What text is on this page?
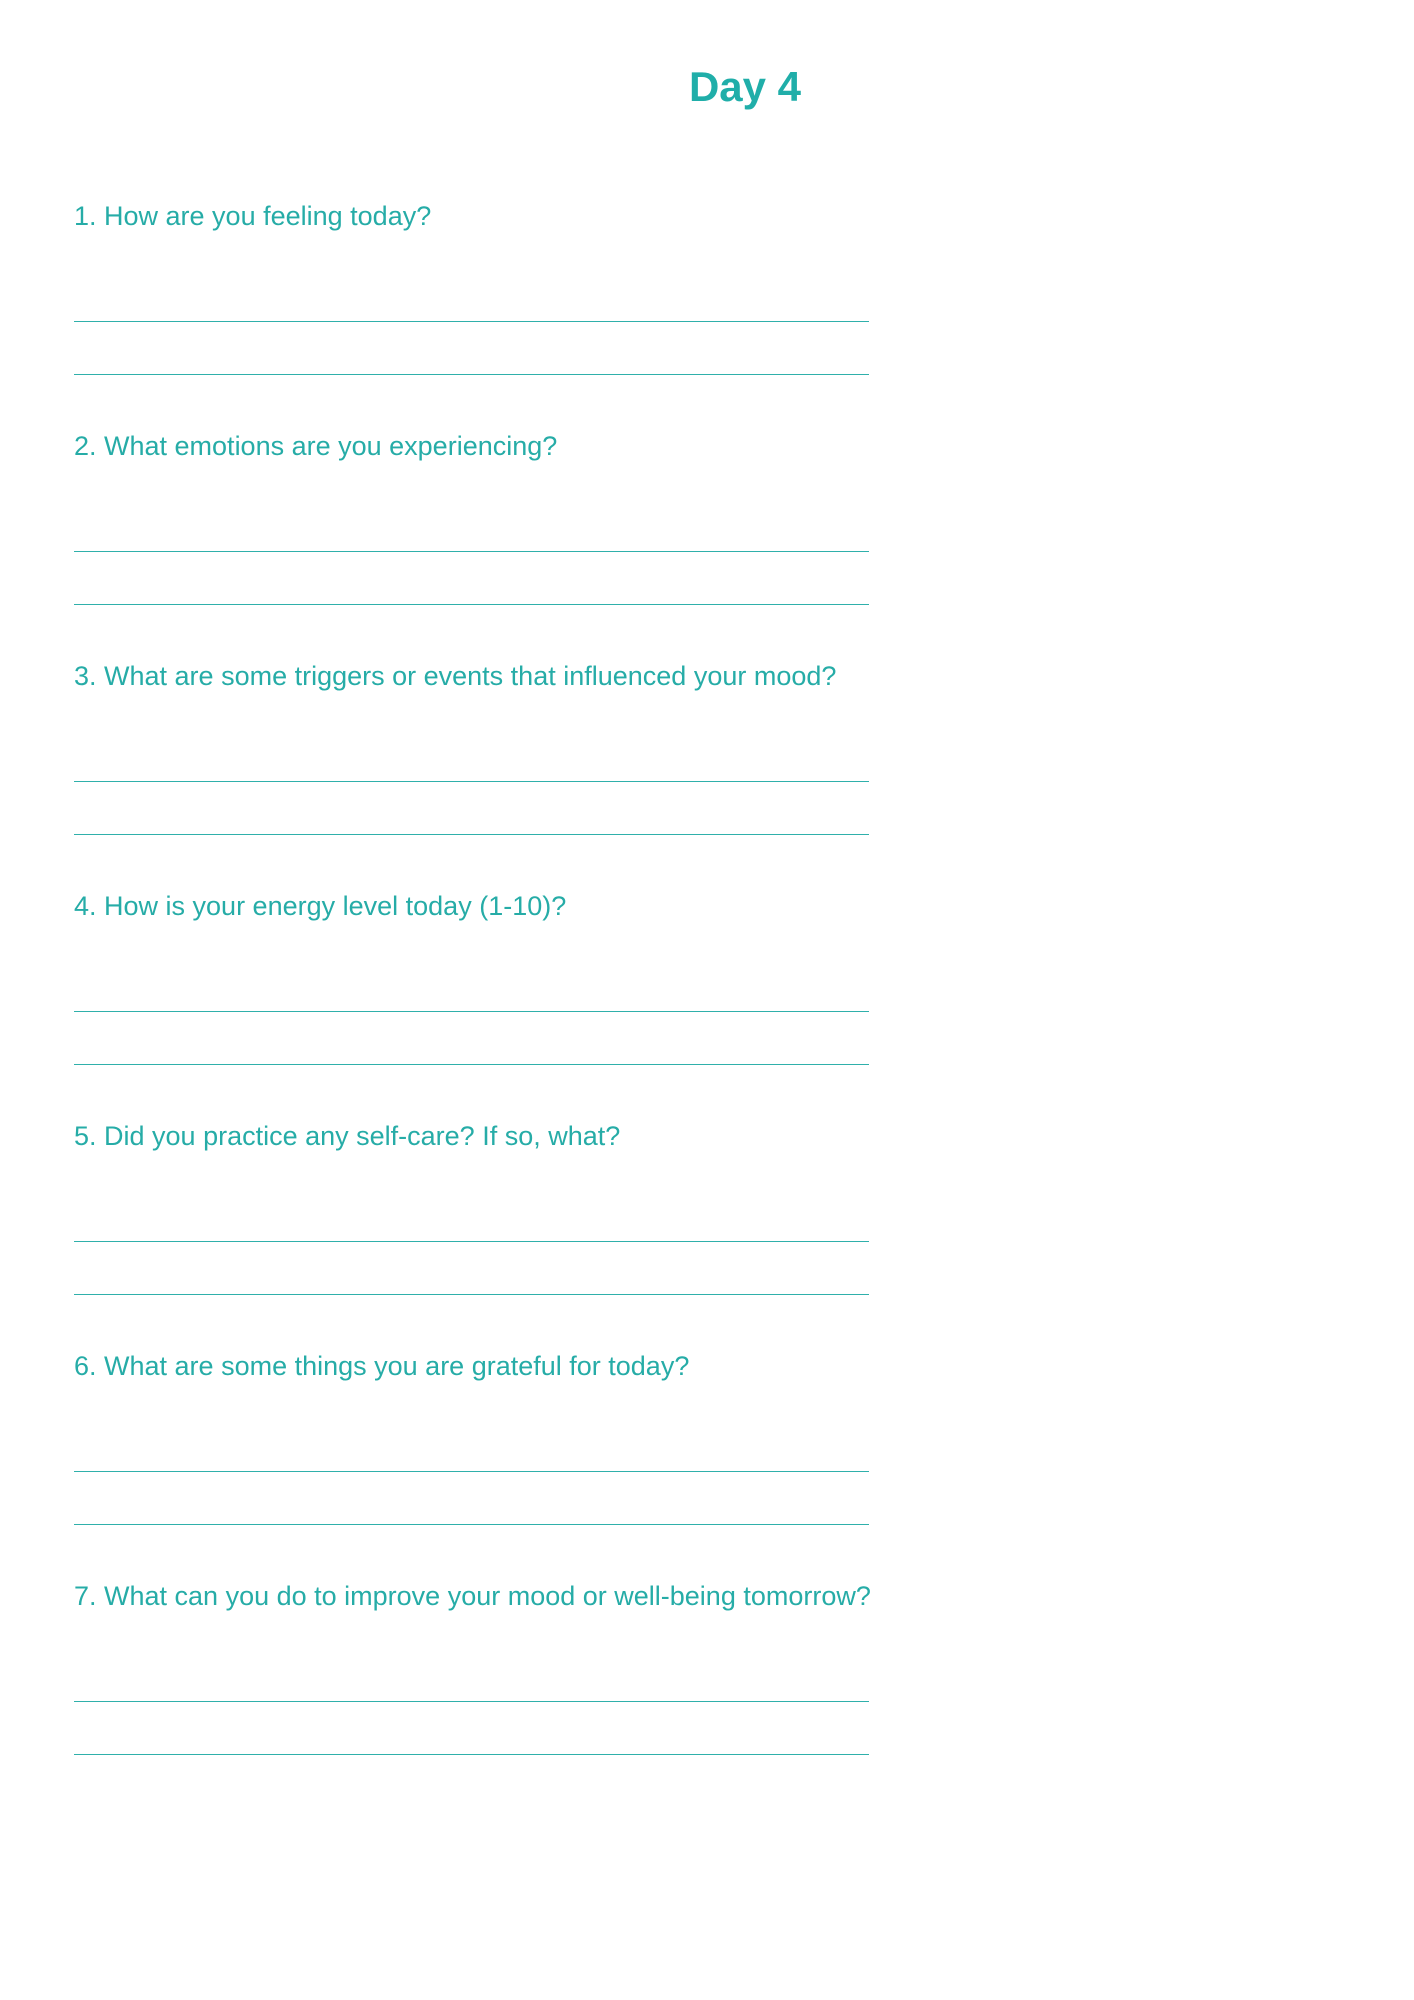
Day 4
1. How are you feeling today?
2. What emotions are you experiencing?
3. What are some triggers or events that influenced your mood?
4. How is your energy level today (1-10)?
5. Did you practice any self-care? If so, what?
6. What are some things you are grateful for today?
7. What can you do to improve your mood or well-being tomorrow?
